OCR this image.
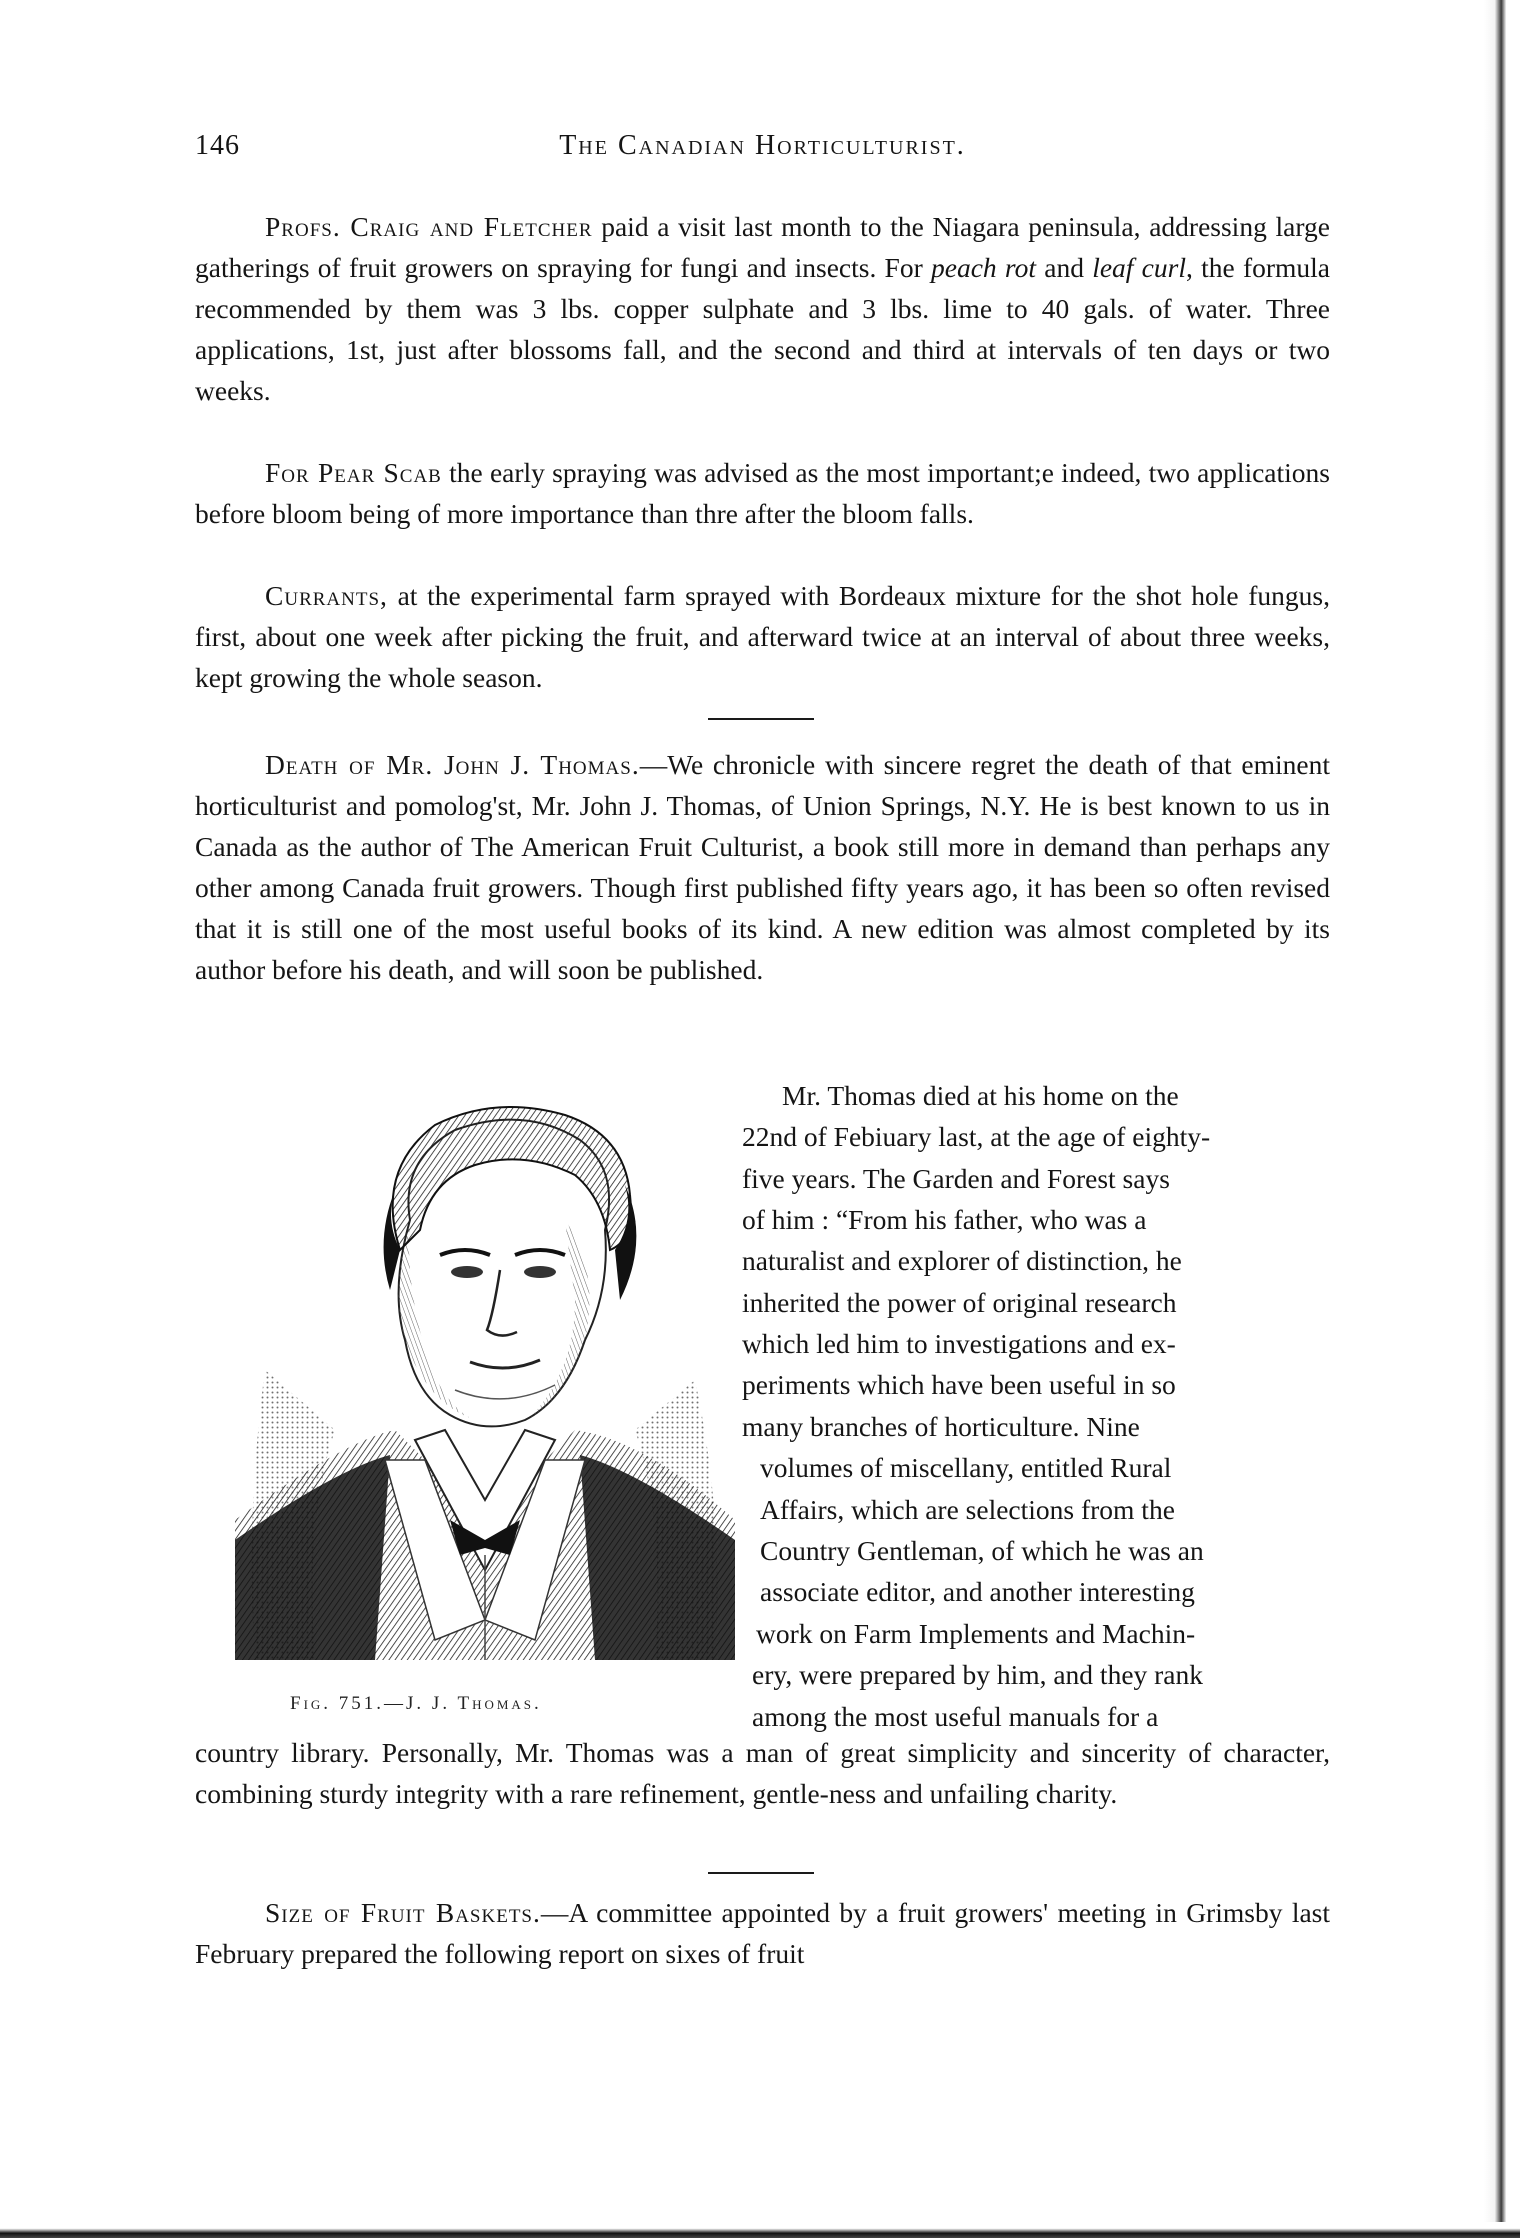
146	The Canadian Horticulturist.

Profs. Craig and Fletcher paid a visit last month to the Niagara peninsula, addressing large gatherings of fruit growers on spraying for fungi and insects. For peach rot and leaf curl, the formula recommended by them was 3 lbs. copper sulphate and 3 lbs. lime to 40 gals. of water. Three applications, 1st, just after blossoms fall, and the second and third at intervals of ten days or two weeks.

For Pear Scab the early spraying was advised as the most important;e indeed, two applications before bloom being of more importance than thre after the bloom falls.

Currants, at the experimental farm sprayed with Bordeaux mixture for the shot hole fungus, first, about one week after picking the fruit, and afterward twice at an interval of about three weeks, kept growing the whole season.

Death of Mr. John J. Thomas.—We chronicle with sincere regret the death of that eminent horticulturist and pomolog'st, Mr. John J. Thomas, of Union Springs, N.Y. He is best known to us in Canada as the author of The American Fruit Culturist, a book still more in demand than perhaps any other among Canada fruit growers. Though first published fifty years ago, it has been so often revised that it is still one of the most useful books of its kind. A new edition was almost completed by its author before his death, and will soon be published.

Fig. 751.—J. J. Thomas.

Mr. Thomas died at his home on the

22nd of Febiuary last, at the age of eighty-

five years. The Garden and Forest says

of him : “From his father, who was a

naturalist and explorer of distinction, he

inherited the power of original research

which led him to investigations and ex-

periments which have been useful in so

many branches of horticulture. Nine

volumes of miscellany, entitled Rural

Affairs, which are selections from the

Country Gentleman, of which he was an

associate editor, and another interesting

work on Farm Implements and Machin-

ery, were prepared by him, and they rank

among the most useful manuals for a

country library. Personally, Mr. Thomas was a man of great simplicity and sincerity of character, combining sturdy integrity with a rare refinement, gentle-ness and unfailing charity.

Size of Fruit Baskets.—A committee appointed by a fruit growers' meeting in Grimsby last February prepared the following report on sixes of fruit
